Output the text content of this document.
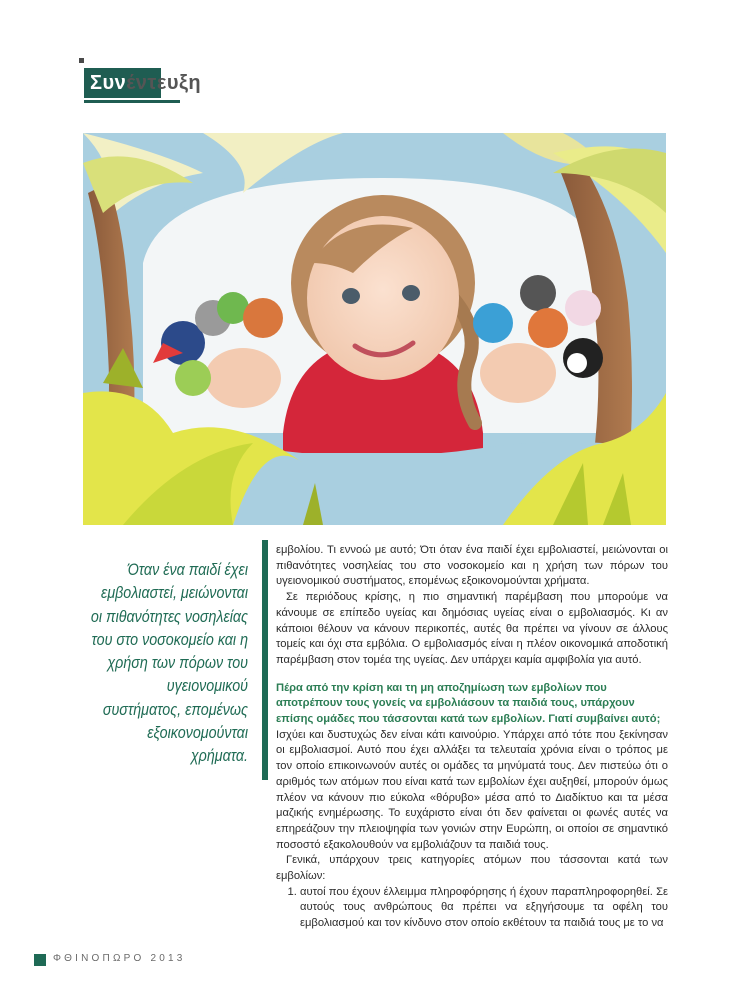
Συν έντευξη
Όταν ένα παιδί έχει εμβολιαστεί, μειώνονται οι πιθανότητες νοσηλείας του στο νοσοκομείο και η χρήση των πόρων του υγειονομικού συστήματος, επομένως εξοικονομούνται χρήματα.

εμβολίου. Τι εννοώ με αυτό; Ότι όταν ένα παιδί έχει εμβολιαστεί, μειώνονται οι πιθανότητες νοσηλείας του στο νοσοκομείο και η χρήση των πόρων του υγειονομικού συστήματος, επομένως εξοικονομούνται χρήματα.

Σε περιόδους κρίσης, η πιο σημαντική παρέμβαση που μπορούμε να κάνουμε σε επίπεδο υγείας και δημόσιας υγείας είναι ο εμβολιασμός. Κι αν κάποιοι θέλουν να κάνουν περικοπές, αυτές θα πρέπει να γίνουν σε άλλους τομείς και όχι στα εμβόλια. Ο εμβολιασμός είναι η πλέον οικονομικά αποδοτική παρέμβαση στον τομέα της υγείας. Δεν υπάρχει καμία αμφιβολία για αυτό.

Πέρα από την κρίση και τη μη αποζημίωση των εμβολίων που αποτρέπουν τους γονείς να εμβολιάσουν τα παιδιά τους, υπάρχουν επίσης ομάδες που τάσσονται κατά των εμβολίων. Γιατί συμβαίνει αυτό;

Ισχύει και δυστυχώς δεν είναι κάτι καινούριο. Υπάρχει από τότε που ξεκίνησαν οι εμβολιασμοί. Αυτό που έχει αλλάξει τα τελευταία χρόνια είναι ο τρόπος με τον οποίο επικοινωνούν αυτές οι ομάδες τα μηνύματά τους. Δεν πιστεύω ότι ο αριθμός των ατόμων που είναι κατά των εμβολίων έχει αυξηθεί, μπορούν όμως πλέον να κάνουν πιο εύκολα «θόρυβο» μέσα από το Διαδίκτυο και τα μέσα μαζικής ενημέρωσης. Το ευχάριστο είναι ότι δεν φαίνεται οι φωνές αυτές να επηρεάζουν την πλειοψηφία των γονιών στην Ευρώπη, οι οποίοι σε σημαντικό ποσοστό εξακολουθούν να εμβολιάζουν τα παιδιά τους.

Γενικά, υπάρχουν τρεις κατηγορίες ατόμων που τάσσονται κατά των εμβολίων:

1. αυτοί που έχουν έλλειμμα πληροφόρησης ή έχουν παραπληροφορηθεί. Σε αυτούς τους ανθρώπους θα πρέπει να εξηγήσουμε τα οφέλη του εμβολιασμού και τον κίνδυνο στον οποίο εκθέτουν τα παιδιά τους με το να
ΦΘΙΝΟΠΩΡΟ 2013
